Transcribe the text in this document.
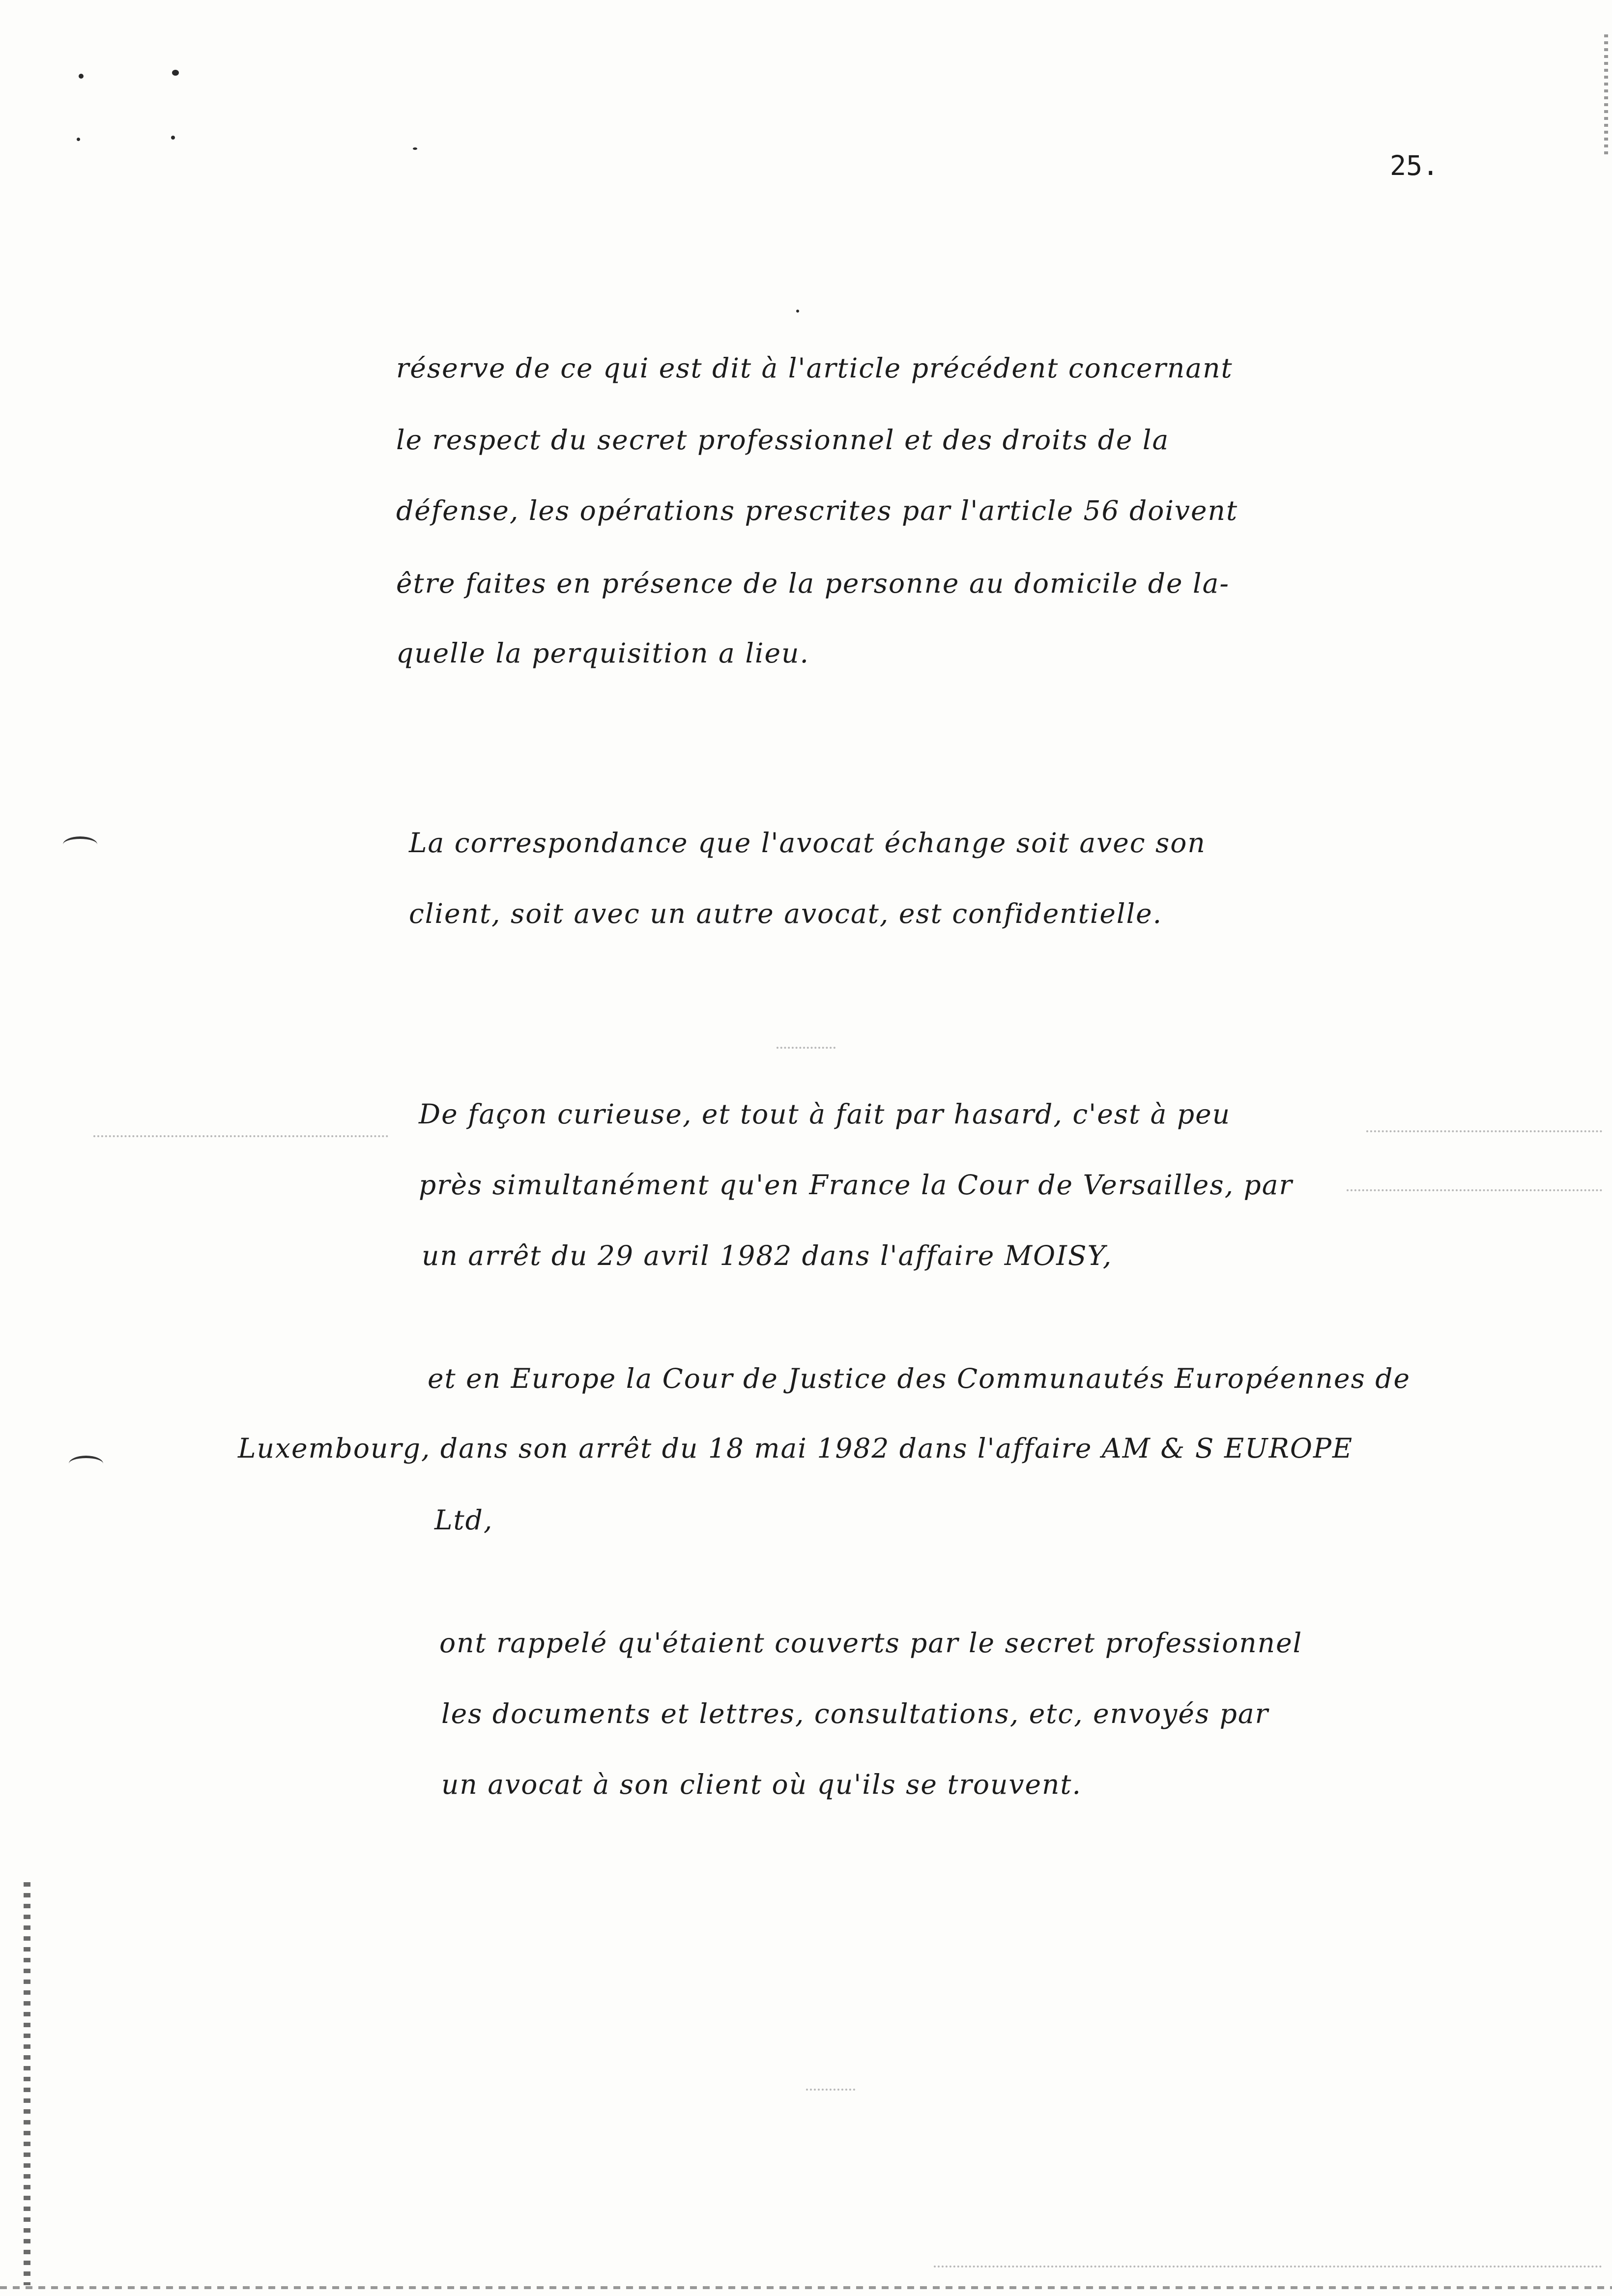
25.
réserve de ce qui est dit à l'article précédent concernant
le respect du secret professionnel et des droits de la
défense, les opérations prescrites par l'article 56 doivent
être faites en présence de la personne au domicile de la-
quelle la perquisition a lieu.
La correspondance que l'avocat échange soit avec son
client, soit avec un autre avocat, est confidentielle.
De façon curieuse, et tout à fait par hasard, c'est à peu
près simultanément qu'en France la Cour de Versailles, par
un arrêt du 29 avril 1982 dans l'affaire MOISY,
et en Europe la Cour de Justice des Communautés Européennes de
Luxembourg, dans son arrêt du 18 mai 1982 dans l'affaire AM & S EUROPE
Ltd,
ont rappelé qu'étaient couverts par le secret professionnel
les documents et lettres, consultations, etc, envoyés par
un avocat à son client où qu'ils se trouvent.
